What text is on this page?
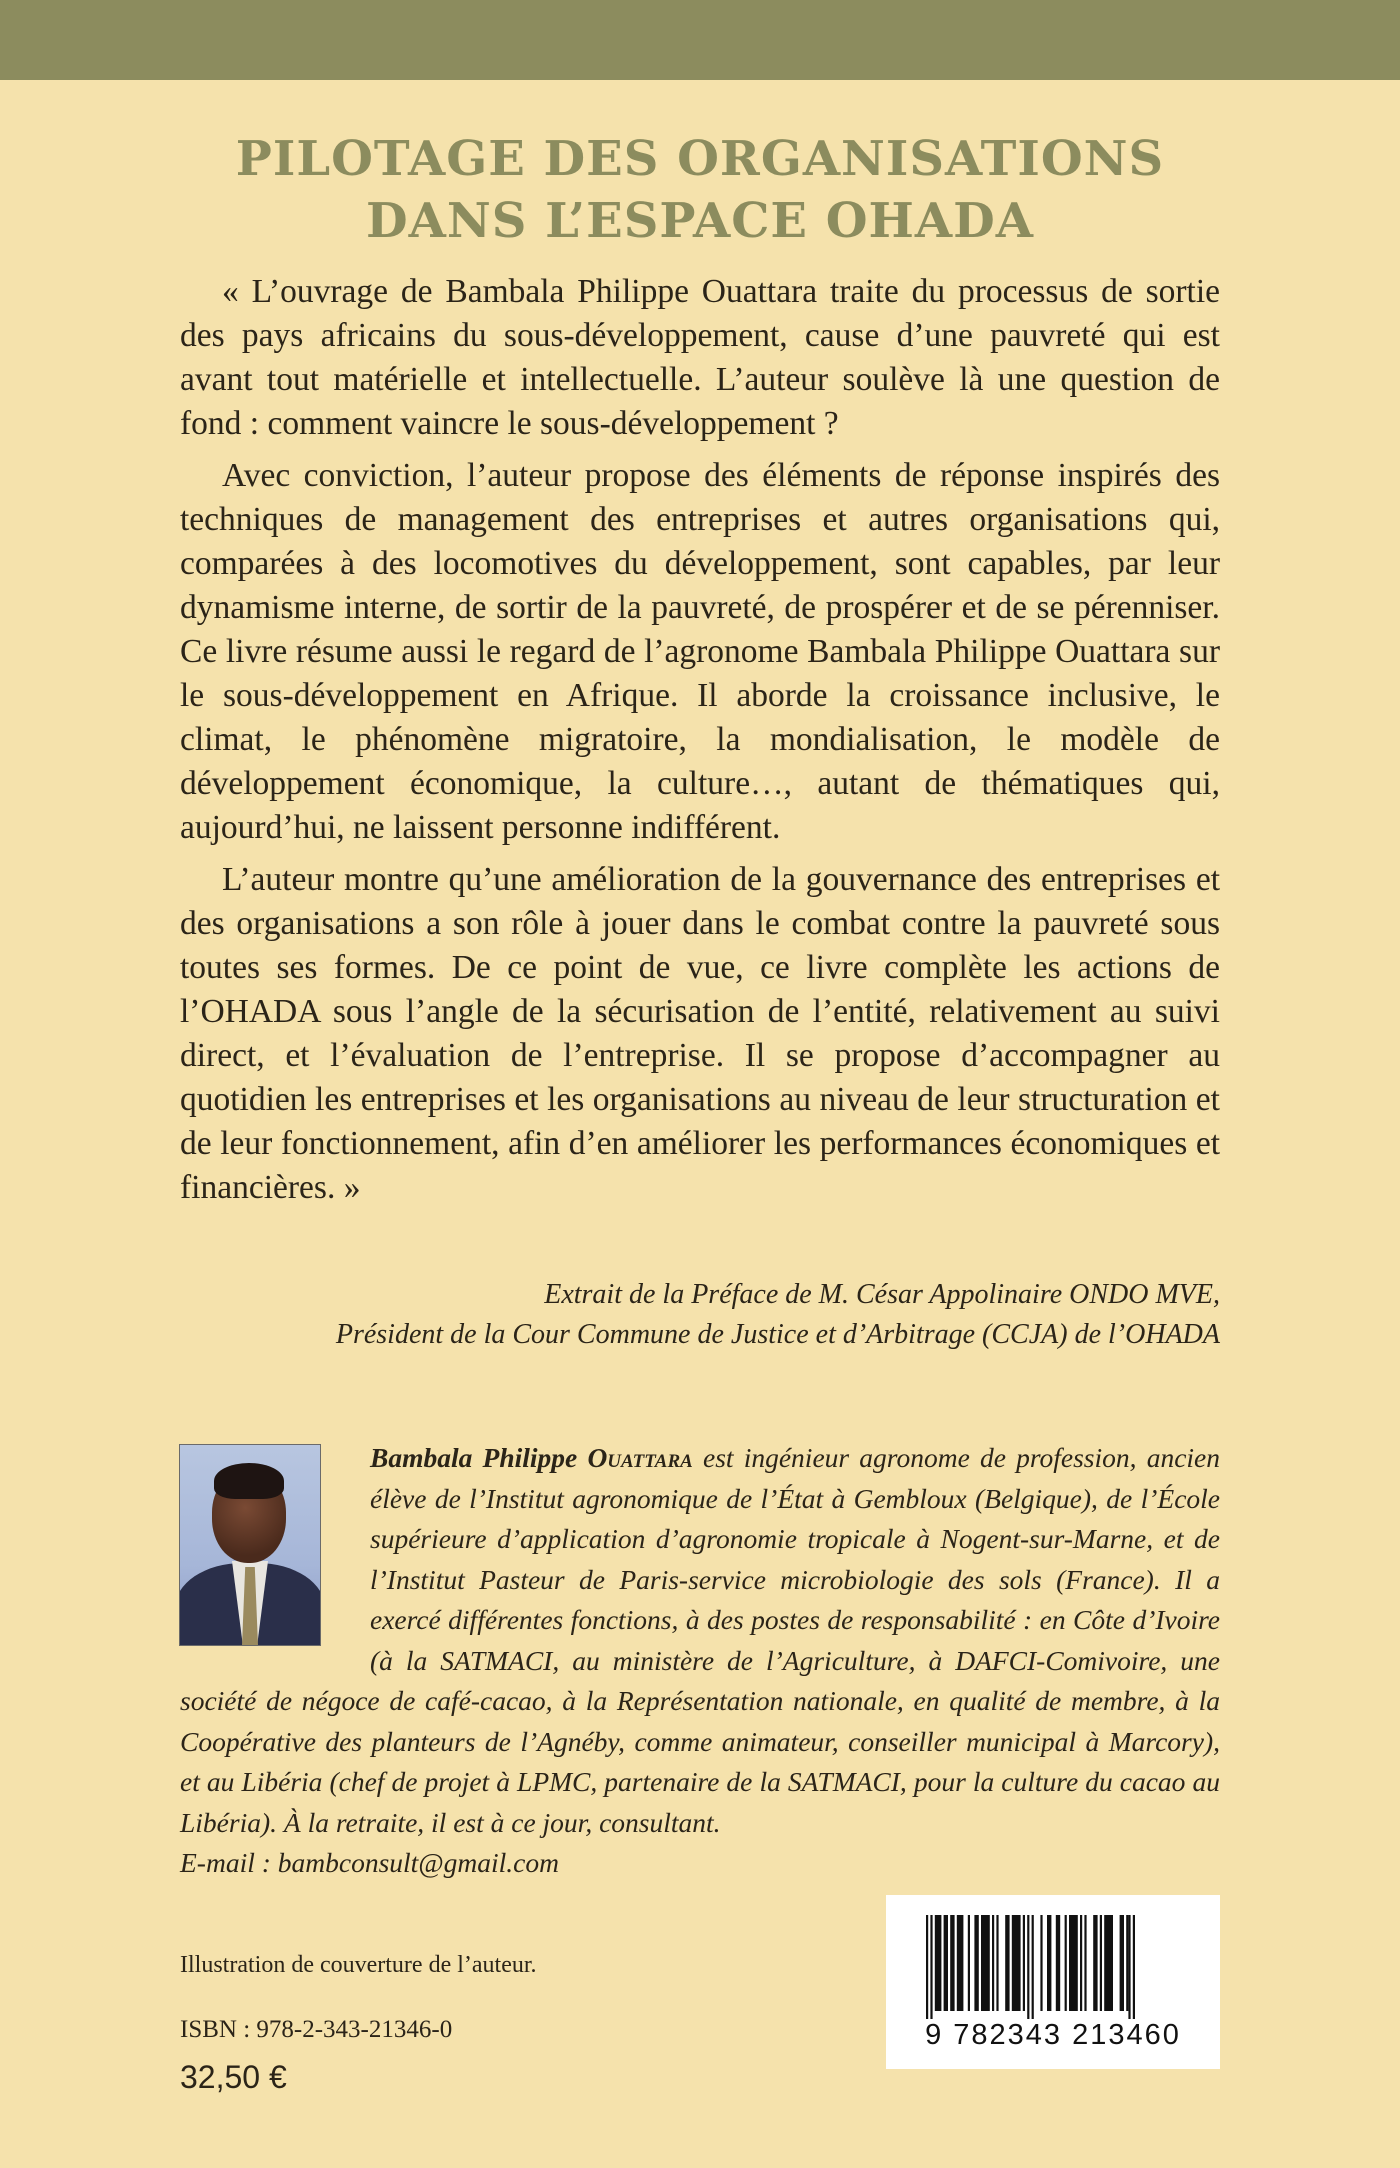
PILOTAGE DES ORGANISATIONS
DANS L’ESPACE OHADA

« L’ouvrage de Bambala Philippe Ouattara traite du processus de sortie des pays africains du sous-développement, cause d’une pauvreté qui est avant tout matérielle et intellectuelle. L’auteur soulève là une question de fond : comment vaincre le sous-développement ?

Avec conviction, l’auteur propose des éléments de réponse inspirés des techniques de management des entreprises et autres organisations qui, comparées à des locomotives du développement, sont capables, par leur dynamisme interne, de sortir de la pauvreté, de prospérer et de se pérenniser. Ce livre résume aussi le regard de l’agronome Bambala Philippe Ouattara sur le sous-développement en Afrique. Il aborde la croissance inclusive, le climat, le phénomène migratoire, la mondialisation, le modèle de développement économique, la culture…, autant de thématiques qui, aujourd’hui, ne laissent personne indifférent.

L’auteur montre qu’une amélioration de la gouvernance des entreprises et des organisations a son rôle à jouer dans le combat contre la pauvreté sous toutes ses formes. De ce point de vue, ce livre complète les actions de l’OHADA sous l’angle de la sécurisation de l’entité, relativement au suivi direct, et l’évaluation de l’entreprise. Il se propose d’accompagner au quotidien les entreprises et les organisations au niveau de leur structuration et de leur fonctionnement, afin d’en améliorer les performances économiques et financières. »

Extrait de la Préface de M. César Appolinaire ONDO MVE,
Président de la Cour Commune de Justice et d’Arbitrage (CCJA) de l’OHADA

Bambala Philippe Ouattara est ingénieur agronome de profession, ancien élève de l’Institut agronomique de l’État à Gembloux (Belgique), de l’École supérieure d’application d’agronomie tropicale à Nogent-sur-Marne, et de l’Institut Pasteur de Paris-service microbiologie des sols (France). Il a exercé différentes fonctions, à des postes de responsabilité : en Côte d’Ivoire (à la SATMACI, au ministère de l’Agriculture, à DAFCI-Comivoire, une société de négoce de café-cacao, à la Représentation nationale, en qualité de membre, à la Coopérative des planteurs de l’Agnéby, comme animateur, conseiller municipal à Marcory), et au Libéria (chef de projet à LPMC, partenaire de la SATMACI, pour la culture du cacao au Libéria). À la retraite, il est à ce jour, consultant.

E-mail : bambconsult@gmail.com

Illustration de couverture de l’auteur.
ISBN : 978-2-343-21346-0
32,50 €
9 782343 213460
